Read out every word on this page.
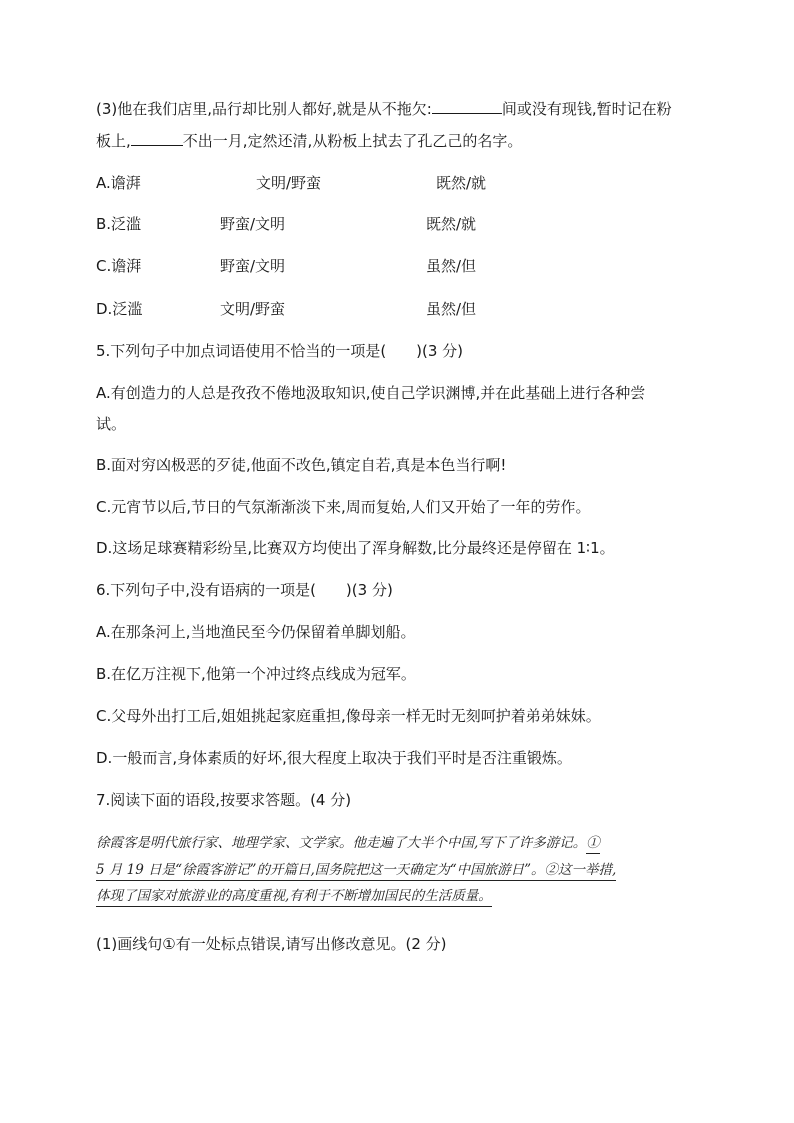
(3)他在我们店里,品行却比别人都好,就是从不拖欠:	间或没有现钱,暂时记在粉
板上,	不出一月,定然还清,从粉板上拭去了孔乙己的名字。
A.谵湃	文明/野蛮	既然/就
B.泛滥	野蛮/文明	既然/就
C.谵湃	野蛮/文明	虽然/但
D.泛滥	文明/野蛮	虽然/但
5.下列句子中加点词语使用不恰当的一项是(　　)(3 分)
A.有创造力的人总是孜孜不倦地汲取知识,使自己学识渊博,并在此基础上进行各种尝
试。
B.面对穷凶极恶的歹徒,他面不改色,镇定自若,真是本色当行啊!
C.元宵节以后,节日的气氛渐渐淡下来,周而复始,人们又开始了一年的劳作。
D.这场足球赛精彩纷呈,比赛双方均使出了浑身解数,比分最终还是停留在 1∶1。
6.下列句子中,没有语病的一项是(　　)(3 分)
A.在那条河上,当地渔民至今仍保留着单脚划船。
B.在亿万注视下,他第一个冲过终点线成为冠军。
C.父母外出打工后,姐姐挑起家庭重担,像母亲一样无时无刻呵护着弟弟妹妹。
D.一般而言,身体素质的好坏,很大程度上取决于我们平时是否注重锻炼。
7.阅读下面的语段,按要求答题。(4 分)
徐霞客是明代旅行家、地理学家、文学家。他走遍了大半个中国,写下了许多游记。①
5 月 19 日是“徐霞客游记”的开篇日,国务院把这一天确定为“中国旅游日”。②这一举措,
体现了国家对旅游业的高度重视,有利于不断增加国民的生活质量。
(1)画线句①有一处标点错误,请写出修改意见。(2 分)
